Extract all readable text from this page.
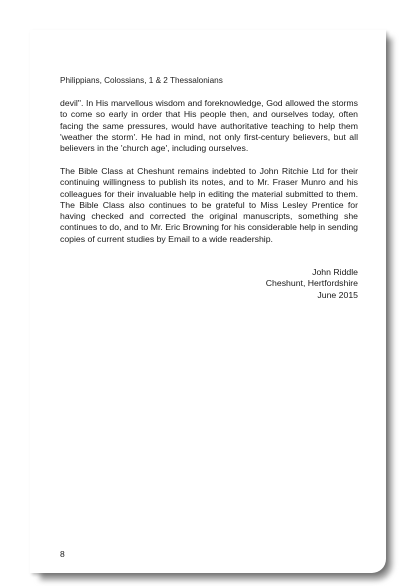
Philippians, Colossians, 1 & 2 Thessalonians

devil". In His marvellous wisdom and foreknowledge, God allowed the storms to come so early in order that His people then, and ourselves today, often facing the same pressures, would have authoritative teaching to help them 'weather the storm'. He had in mind, not only first-century believers, but all believers in the 'church age', including ourselves.

The Bible Class at Cheshunt remains indebted to John Ritchie Ltd for their continuing willingness to publish its notes, and to Mr. Fraser Munro and his colleagues for their invaluable help in editing the material submitted to them. The Bible Class also continues to be grateful to Miss Lesley Prentice for having checked and corrected the original manuscripts, something she continues to do, and to Mr. Eric Browning for his considerable help in sending copies of current studies by Email to a wide readership.

John Riddle
Cheshunt, Hertfordshire
June 2015
8
